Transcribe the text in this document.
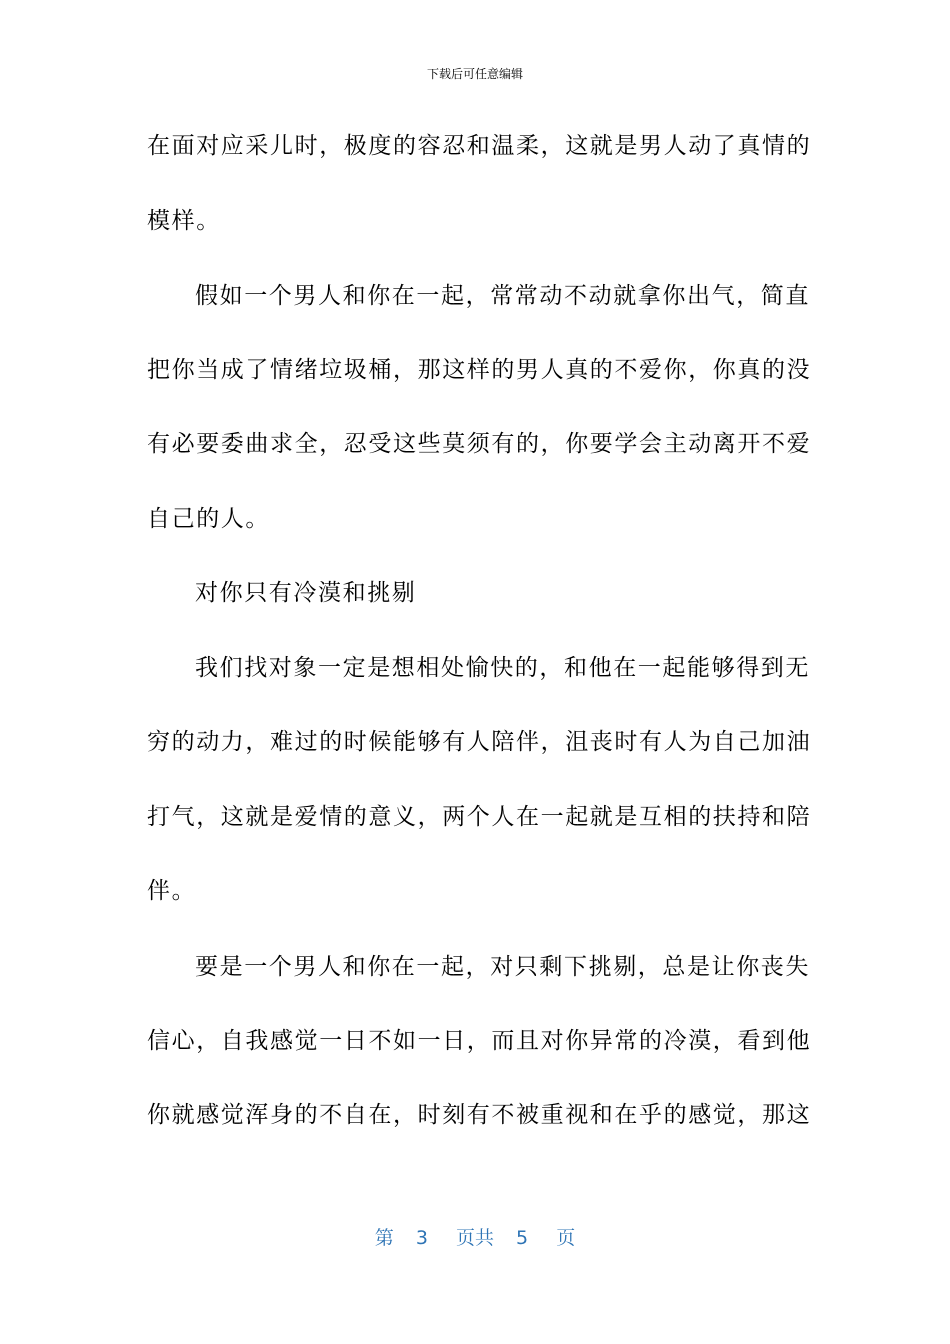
下载后可任意编辑
在面对应采儿时，极度的容忍和温柔，这就是男人动了真情的
模样。
假如一个男人和你在一起，常常动不动就拿你出气，简直
把你当成了情绪垃圾桶，那这样的男人真的不爱你，你真的没
有必要委曲求全，忍受这些莫须有的，你要学会主动离开不爱
自己的人。
对你只有冷漠和挑剔
我们找对象一定是想相处愉快的，和他在一起能够得到无
穷的动力，难过的时候能够有人陪伴，沮丧时有人为自己加油
打气，这就是爱情的意义，两个人在一起就是互相的扶持和陪
伴。
要是一个男人和你在一起，对只剩下挑剔，总是让你丧失
信心，自我感觉一日不如一日，而且对你异常的冷漠，看到他
你就感觉浑身的不自在，时刻有不被重视和在乎的感觉，那这
第 3 页共 5 页
